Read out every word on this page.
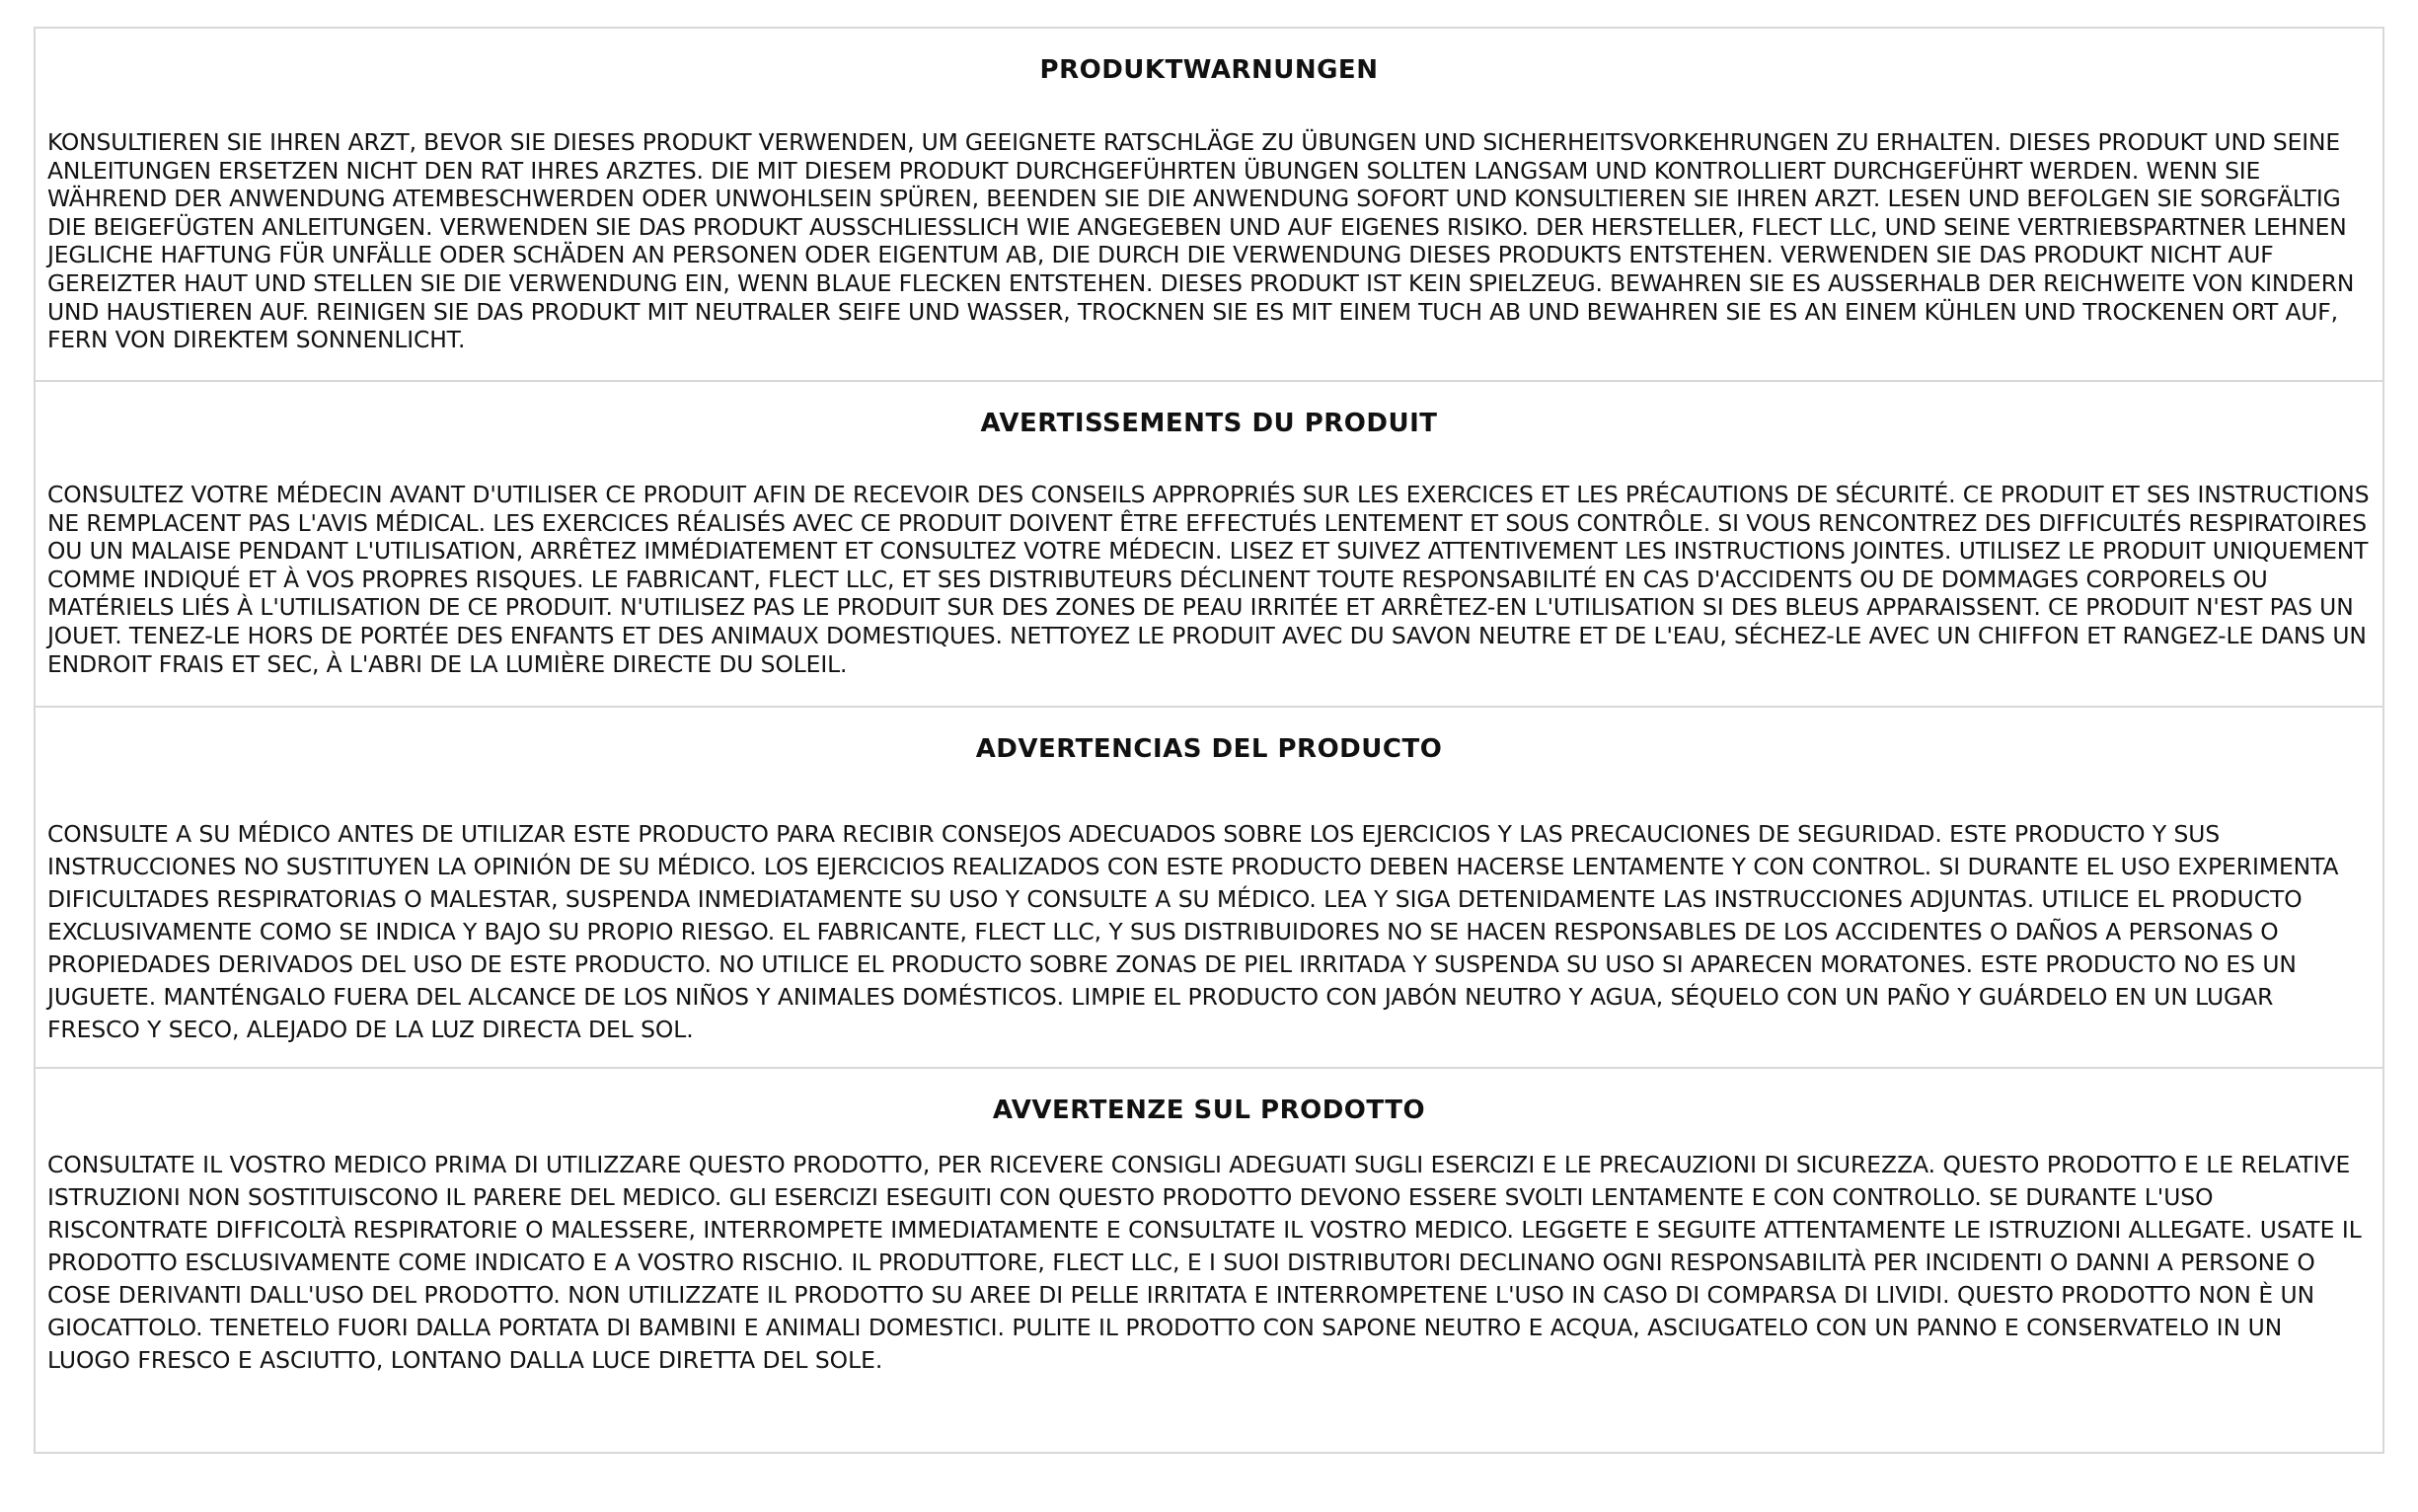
PRODUKTWARNUNGEN

KONSULTIEREN SIE IHREN ARZT, BEVOR SIE DIESES PRODUKT VERWENDEN, UM GEEIGNETE RATSCHLÄGE ZU ÜBUNGEN UND SICHERHEITSVORKEHRUNGEN ZU ERHALTEN. DIESES PRODUKT UND SEINE ANLEITUNGEN ERSETZEN NICHT DEN RAT IHRES ARZTES. DIE MIT DIESEM PRODUKT DURCHGEFÜHRTEN ÜBUNGEN SOLLTEN LANGSAM UND KONTROLLIERT DURCHGEFÜHRT WERDEN. WENN SIE WÄHREND DER ANWENDUNG ATEMBESCHWERDEN ODER UNWOHLSEIN SPÜREN, BEENDEN SIE DIE ANWENDUNG SOFORT UND KONSULTIEREN SIE IHREN ARZT. LESEN UND BEFOLGEN SIE SORGFÄLTIG DIE BEIGEFÜGTEN ANLEITUNGEN. VERWENDEN SIE DAS PRODUKT AUSSCHLIESSLICH WIE ANGEGEBEN UND AUF EIGENES RISIKO. DER HERSTELLER, FLECT LLC, UND SEINE VERTRIEBSPARTNER LEHNEN JEGLICHE HAFTUNG FÜR UNFÄLLE ODER SCHÄDEN AN PERSONEN ODER EIGENTUM AB, DIE DURCH DIE VERWENDUNG DIESES PRODUKTS ENTSTEHEN. VERWENDEN SIE DAS PRODUKT NICHT AUF GEREIZTER HAUT UND STELLEN SIE DIE VERWENDUNG EIN, WENN BLAUE FLECKEN ENTSTEHEN. DIESES PRODUKT IST KEIN SPIELZEUG. BEWAHREN SIE ES AUSSERHALB DER REICHWEITE VON KINDERN UND HAUSTIEREN AUF. REINIGEN SIE DAS PRODUKT MIT NEUTRALER SEIFE UND WASSER, TROCKNEN SIE ES MIT EINEM TUCH AB UND BEWAHREN SIE ES AN EINEM KÜHLEN UND TROCKENEN ORT AUF, FERN VON DIREKTEM SONNENLICHT.

AVERTISSEMENTS DU PRODUIT

CONSULTEZ VOTRE MÉDECIN AVANT D'UTILISER CE PRODUIT AFIN DE RECEVOIR DES CONSEILS APPROPRIÉS SUR LES EXERCICES ET LES PRÉCAUTIONS DE SÉCURITÉ. CE PRODUIT ET SES INSTRUCTIONS NE REMPLACENT PAS L'AVIS MÉDICAL. LES EXERCICES RÉALISÉS AVEC CE PRODUIT DOIVENT ÊTRE EFFECTUÉS LENTEMENT ET SOUS CONTRÔLE. SI VOUS RENCONTREZ DES DIFFICULTÉS RESPIRATOIRES OU UN MALAISE PENDANT L'UTILISATION, ARRÊTEZ IMMÉDIATEMENT ET CONSULTEZ VOTRE MÉDECIN. LISEZ ET SUIVEZ ATTENTIVEMENT LES INSTRUCTIONS JOINTES. UTILISEZ LE PRODUIT UNIQUEMENT COMME INDIQUÉ ET À VOS PROPRES RISQUES. LE FABRICANT, FLECT LLC, ET SES DISTRIBUTEURS DÉCLINENT TOUTE RESPONSABILITÉ EN CAS D'ACCIDENTS OU DE DOMMAGES CORPORELS OU MATÉRIELS LIÉS À L'UTILISATION DE CE PRODUIT. N'UTILISEZ PAS LE PRODUIT SUR DES ZONES DE PEAU IRRITÉE ET ARRÊTEZ-EN L'UTILISATION SI DES BLEUS APPARAISSENT. CE PRODUIT N'EST PAS UN JOUET. TENEZ-LE HORS DE PORTÉE DES ENFANTS ET DES ANIMAUX DOMESTIQUES. NETTOYEZ LE PRODUIT AVEC DU SAVON NEUTRE ET DE L'EAU, SÉCHEZ-LE AVEC UN CHIFFON ET RANGEZ-LE DANS UN ENDROIT FRAIS ET SEC, À L'ABRI DE LA LUMIÈRE DIRECTE DU SOLEIL.

ADVERTENCIAS DEL PRODUCTO

CONSULTE A SU MÉDICO ANTES DE UTILIZAR ESTE PRODUCTO PARA RECIBIR CONSEJOS ADECUADOS SOBRE LOS EJERCICIOS Y LAS PRECAUCIONES DE SEGURIDAD. ESTE PRODUCTO Y SUS INSTRUCCIONES NO SUSTITUYEN LA OPINIÓN DE SU MÉDICO. LOS EJERCICIOS REALIZADOS CON ESTE PRODUCTO DEBEN HACERSE LENTAMENTE Y CON CONTROL. SI DURANTE EL USO EXPERIMENTA DIFICULTADES RESPIRATORIAS O MALESTAR, SUSPENDA INMEDIATAMENTE SU USO Y CONSULTE A SU MÉDICO. LEA Y SIGA DETENIDAMENTE LAS INSTRUCCIONES ADJUNTAS. UTILICE EL PRODUCTO EXCLUSIVAMENTE COMO SE INDICA Y BAJO SU PROPIO RIESGO. EL FABRICANTE, FLECT LLC, Y SUS DISTRIBUIDORES NO SE HACEN RESPONSABLES DE LOS ACCIDENTES O DAÑOS A PERSONAS O PROPIEDADES DERIVADOS DEL USO DE ESTE PRODUCTO. NO UTILICE EL PRODUCTO SOBRE ZONAS DE PIEL IRRITADA Y SUSPENDA SU USO SI APARECEN MORATONES. ESTE PRODUCTO NO ES UN JUGUETE. MANTÉNGALO FUERA DEL ALCANCE DE LOS NIÑOS Y ANIMALES DOMÉSTICOS. LIMPIE EL PRODUCTO CON JABÓN NEUTRO Y AGUA, SÉQUELO CON UN PAÑO Y GUÁRDELO EN UN LUGAR FRESCO Y SECO, ALEJADO DE LA LUZ DIRECTA DEL SOL.

AVVERTENZE SUL PRODOTTO

CONSULTATE IL VOSTRO MEDICO PRIMA DI UTILIZZARE QUESTO PRODOTTO, PER RICEVERE CONSIGLI ADEGUATI SUGLI ESERCIZI E LE PRECAUZIONI DI SICUREZZA. QUESTO PRODOTTO E LE RELATIVE ISTRUZIONI NON SOSTITUISCONO IL PARERE DEL MEDICO. GLI ESERCIZI ESEGUITI CON QUESTO PRODOTTO DEVONO ESSERE SVOLTI LENTAMENTE E CON CONTROLLO. SE DURANTE L'USO RISCONTRATE DIFFICOLTÀ RESPIRATORIE O MALESSERE, INTERROMPETE IMMEDIATAMENTE E CONSULTATE IL VOSTRO MEDICO. LEGGETE E SEGUITE ATTENTAMENTE LE ISTRUZIONI ALLEGATE. USATE IL PRODOTTO ESCLUSIVAMENTE COME INDICATO E A VOSTRO RISCHIO. IL PRODUTTORE, FLECT LLC, E I SUOI DISTRIBUTORI DECLINANO OGNI RESPONSABILITÀ PER INCIDENTI O DANNI A PERSONE O COSE DERIVANTI DALL'USO DEL PRODOTTO. NON UTILIZZATE IL PRODOTTO SU AREE DI PELLE IRRITATA E INTERROMPETENE L'USO IN CASO DI COMPARSA DI LIVIDI. QUESTO PRODOTTO NON È UN GIOCATTOLO. TENETELO FUORI DALLA PORTATA DI BAMBINI E ANIMALI DOMESTICI. PULITE IL PRODOTTO CON SAPONE NEUTRO E ACQUA, ASCIUGATELO CON UN PANNO E CONSERVATELO IN UN LUOGO FRESCO E ASCIUTTO, LONTANO DALLA LUCE DIRETTA DEL SOLE.
